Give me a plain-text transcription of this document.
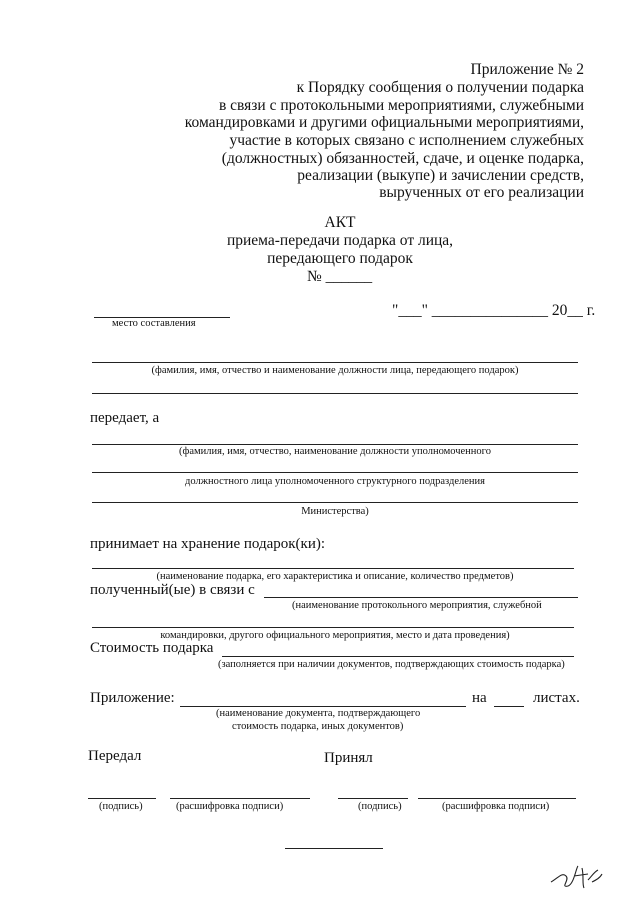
Приложение № 2
к Порядку сообщения о получении подарка
в связи с протокольными мероприятиями, служебными
командировками и другими официальными мероприятиями,
участие в которых связано с исполнением служебных
(должностных) обязанностей, сдаче, и оценке подарка,
реализации (выкупе) и зачислении средств,
вырученных от его реализации
АКТ
приема-передачи подарка от лица,
передающего подарок
№ ______
место составления
"___" _______________ 20__ г.
(фамилия, имя, отчество и наименование должности лица, передающего подарок)
передает, а
(фамилия, имя, отчество, наименование должности уполномоченного
должностного лица уполномоченного структурного подразделения
Министерства)
принимает на хранение подарок(ки):
(наименование подарка, его характеристика и описание, количество предметов)
полученный(ые) в связи с
(наименование протокольного мероприятия, служебной
командировки, другого официального мероприятия, место и дата проведения)
Стоимость подарка
(заполняется при наличии документов, подтверждающих стоимость подарка)
Приложение:	на	листах.
(наименование документа, подтверждающего
стоимость подарка, иных документов)
Передал	Принял
(подпись)	(расшифровка подписи)	(подпись)	(расшифровка подписи)
